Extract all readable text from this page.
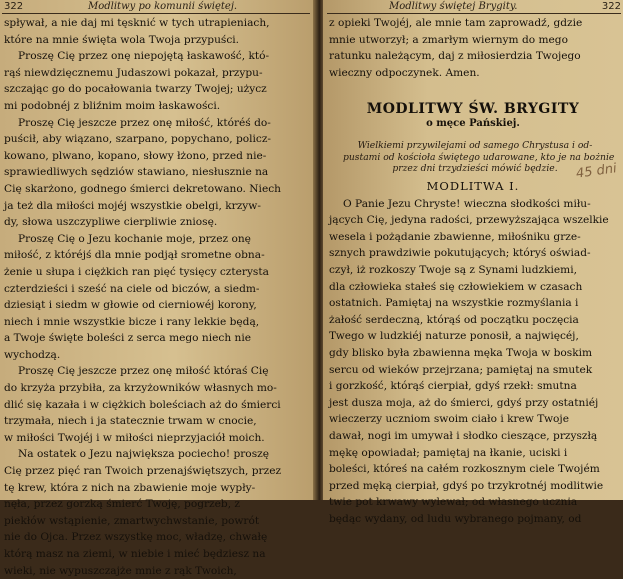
322	Modlitwy po komunii świętej.

spływał, a nie daj mi tęsknić w tych utrapieniach,
które na mnie święta wola Twoja przypuści.

Proszę Cię przez onę niepojętą łaskawość, któ-
rąś niewdzięcznemu Judaszowi pokazał, przypu-
szczając go do pocałowania twarzy Twojej; użycz
mi podobnéj z bliźnim moim łaskawości.

Proszę Cię jeszcze przez onę miłość, któréś do-
puścił, aby wiązano, szarpano, popychano, policz-
kowano, plwano, kopano, słowy łżono, przed nie-
sprawiedliwych sędziów stawiano, niesłusznie na
Cię skarżono, godnego śmierci dekretowano. Niech
ja też dla miłości mojéj wszystkie obelgi, krzyw-
dy, słowa uszczypliwe cierpliwie zniosę.

Proszę Cię o Jezu kochanie moje, przez onę
miłość, z któréjś dla mnie podjął srometne obna-
żenie u słupa i ciężkich ran pięć tysięcy czterysta
czterdzieści i sześć na ciele od biczów, a siedm-
dziesiąt i siedm w głowie od cierniowéj korony,
niech i mnie wszystkie bicze i rany lekkie będą,
a Twoje święte boleści z serca mego niech nie
wychodzą.

Proszę Cię jeszcze przez onę miłość któraś Cię
do krzyża przybiła, za krzyżowników własnych mo-
dlić się kazała i w ciężkich boleściach aż do śmierci
trzymała, niech i ja statecznie trwam w cnocie,
w miłości Twojéj i w miłości nieprzyjaciół moich.

Na ostatek o Jezu największa pociecho! proszę
Cię przez pięć ran Twoich przenajświętszych, przez
tę krew, która z nich na zbawienie moje wypły-
nęła, przez gorzką śmierć Twoję, pogrzeb, z
piekłów wstąpienie, zmartwychwstanie, powrót
nie do Ojca. Przez wszystkę moc, władzę, chwałę
którą masz na ziemi, w niebie i mieć będziesz na
wieki, nie wypuszczajże mnie z rąk Twoich,

Modlitwy świętej Brygity.	322
z opieki Twojéj, ale mnie tam zaprowadź, gdzie
mnie utworzył; a zmarłym wiernym do mego
ratunku należącym, daj z miłosierdzia Twojego
wieczny odpoczynek. Amen.
MODLITWY ŚW. BRYGITY
o męce Pańskiej.
Wielkiemi przywilejami od samego Chrystusa i od-
pustami od kościoła świętego udarowane, kto je na bożnie
przez dni trzydzieści mówić będzie.
MODLITWA I.

O Panie Jezu Chryste! wieczna słodkości miłu-
jących Cię, jedyna radości, przewyższająca wszelkie
wesela i pożądanie zbawienne, miłośniku grze-
sznych prawdziwie pokutujących; któryś oświad-
czył, iż rozkoszy Twoje są z Synami ludzkiemi,
dla człowieka stałeś się człowiekiem w czasach
ostatnich. Pamiętaj na wszystkie rozmyślania i
żałość serdeczną, którąś od początku poczęcia
Twego w ludzkiéj naturze ponosił, a najwięcéj,
gdy blisko była zbawienna męka Twoja w boskim
sercu od wieków przejrzana; pamiętaj na smutek
i gorzkość, którąś cierpiał, gdyś rzekł: smutna
jest dusza moja, aż do śmierci, gdyś przy ostatniéj
wieczerzy uczniom swoim ciało i krew Twoje
dawał, nogi im umywał i słodko cieszące, przyszłą
mękę opowiadał; pamiętaj na łkanie, uciski i
boleści, któreś na całém rozkosznym ciele Twojém
przed męką cierpiał, gdyś po trzykrotnéj modlitwie
twie pot krwawy wylewał; od własnego ucznia
będąc wydany, od ludu wybranego pojmany, od

45 dni
